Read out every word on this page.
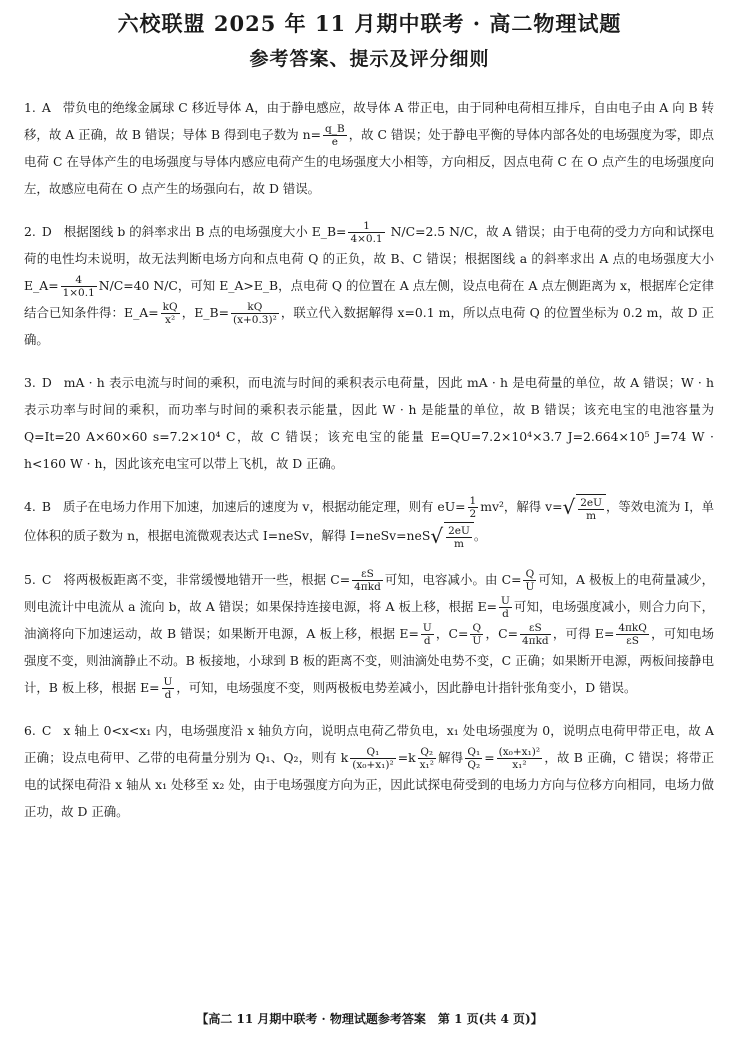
六校联盟 2025 年 11 月期中联考 · 高二物理试题
参考答案、提示及评分细则
1. A 带负电的绝缘金属球 C 移近导体 A，由于静电感应，故导体 A 带正电，由于同种电荷相互排斥，自由电子由 A 向 B 转移，故 A 正确，故 B 错误；导体 B 得到电子数为 $n= \frac{q\_B}{e}$ ，故 C 错误；处于静电平衡的导体内部各处的电场强度为零，即点电荷 C 在导体产生的电场强度与导体内感应电荷产生的电场强度大小相等，方向相反，因点电荷 C 在 O 点产生的电场强度向左，故感应电荷在 O 点产生的场强向右，故 D 错误。
2. D 根据图线 b 的斜率求出 B 点的电场强度大小 E_B= $\frac{1}{4\times 0.1} N/C=2.5$ N/C，故 A 错误；由于电荷的受力方向和试探电荷的电性均未说明，故无法判断电场方向和点电荷 Q 的正负，故 B、C 错误；根据图线 a 的斜率求出 A 点的电场强度大小 E_A= $\frac{4}{1\times 0.1} N/C=40$ N/C，可知 E_A>E_B，点电荷 Q 的位置在 A 点左侧，设点电荷在 A 点左侧距离为 x，根据库仑定律结合已知条件得：E_A= $\frac{kQ}{\text{x²}}$ ，E_B= $\frac{kQ}{\text{(x+0.3)²}}$ ，联立代入数据解得 x=0.1 m，所以点电荷 Q 的位置坐标为 0.2 m，故 D 正确。
3. D mA · h 表示电流与时间的乘积，而电流与时间的乘积表示电荷量，因此 mA · h 是电荷量的单位，故 A 错误；W · h 表示功率与时间的乘积，而功率与时间的乘积表示能量，因此 W · h 是能量的单位，故 B 错误；该充电宝的电池容量为 Q=It=20 A×60×60 s=7.2×10⁴ C，故 C 错误；该充电宝的能量 E=QU=7.2×10⁴×3.7 J=2.664×10⁵ J=74 W · h<160 W · h，因此该充电宝可以带上飞机，故 D 正确。
4. B 质子在电场力作用下加速，加速后的速度为 v，根据动能定理，则有 $eU= \frac{1}{2} mv^2$，解得 $v=√ \frac{2eU}{m}$ ，等效电流为 I，单位体积的质子数为 n，根据电流微观表达式 I=neSv，解得 I=neSv=neS√ $\frac{2eU}{m}$ 。
5. C 将两极板距离不变，非常缓慢地错开一些，根据 $C= \frac{\varepsilon S}{\text{4πkd}}$ 可知，电容减小。由 $C= \frac{Q}{U}$ 可知，A 极板上的电荷量减少，则电流计中电流从 a 流向 b，故 A 错误；如果保持连接电源，将 A 板上移，根据 $E= \frac{U}{d}$ 可知，电场强度减小，则合力向下，油滴将向下加速运动，故 B 错误；如果断开电源，A 板上移，根据 $E= \frac{U}{d}$ ，$C= \frac{Q}{U}$ ，$C= \frac{\varepsilon S}{\text{4πkd}}$ ，可得 $E= \frac{\text{4πkQ}}{\varepsilon S}$ ，可知电场强度不变，则油滴静止不动。B 板接地，小球到 B 板的距离不变，则油滴处电势不变，C 正确；如果断开电源，两板间接静电计，B 板上移，根据 $E= \frac{U}{d}$ ，可知，电场强度不变，则两极板电势差减小，因此静电计指针张角变小，D 错误。
6. C x 轴上 0<x<x₁ 内，电场强度沿 x 轴负方向，说明点电荷乙带负电，x₁ 处电场强度为 0，说明点电荷甲带正电，故 A 正确；设点电荷甲、乙带的电荷量分别为 Q₁、Q₂，则有 k $\frac{\text{Q₁}}{\text{(x₀+x₁)²}} =k \frac{\text{Q₂}}{\text{x₁²}}$ 解得 $\frac{\text{Q₁}}{\text{Q₂}} = \frac{\text{(x₀+x₁)²}}{\text{x₁²}}$ ，故 B 正确，C 错误；将带正电的试探电荷沿 x 轴从 x₁ 处移至 x₂ 处，由于电场强度方向为正，因此试探电荷受到的电场力方向与位移方向相同，电场力做正功，故 D 正确。
【高二 11 月期中联考 · 物理试题参考答案　第 1 页(共 4 页)】
